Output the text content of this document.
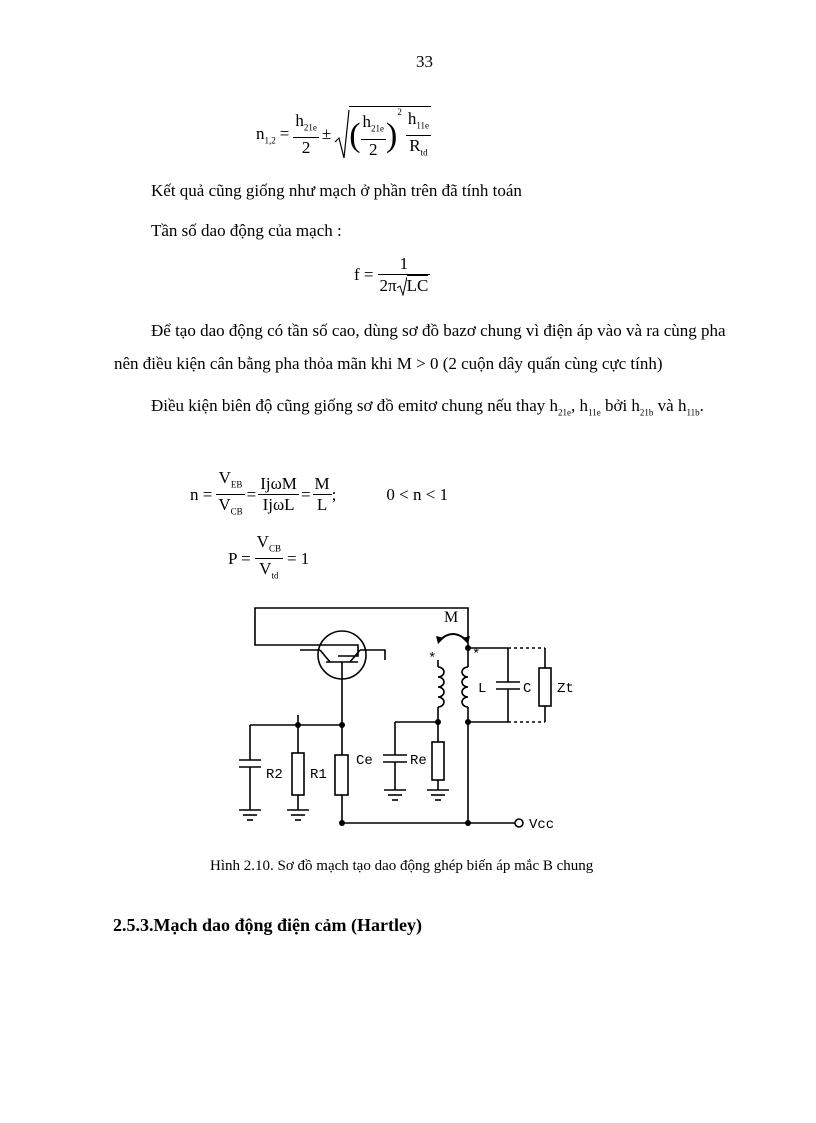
33
$n_{1,2} = \frac{h_{21e}}{2}$ ± ( $\frac{h_{21e}}{2}$ )
$2 \frac{h_{11e}}{R_{td}}$
Kết quả cũng giống như mạch ở phần trên đã tính toán
Tần số dao động của mạch :
$f = \frac{1}{\text{2π LC}}$
Để tạo dao động có tần số cao, dùng sơ đồ bazơ chung vì điện áp vào và ra cùng pha
nên điều kiện cân bằng pha thỏa mãn khi M > 0 (2 cuộn dây quấn cùng cực tính)
Điều kiện biên độ cũng giống sơ đồ emitơ chung nếu thay $h_{21e}$, $h_{11e}$ bởi $h_{21b}$ và $h_{11b}$.
$n = \frac{V_{EB}}{V_{CB}} = \frac{\text{IjωM}}{\text{IjωL}} = \frac{M}{L}$ ;	0 < n < 1
$P = \frac{V_{CB}}{V_{td}} = 1$
M
*	*
L	C Zt
R2 R1
Ce	Re
Vcc
Hình 2.10. Sơ đồ mạch tạo dao động ghép biến áp mắc B chung
2.5.3.Mạch dao động điện cảm (Hartley)
